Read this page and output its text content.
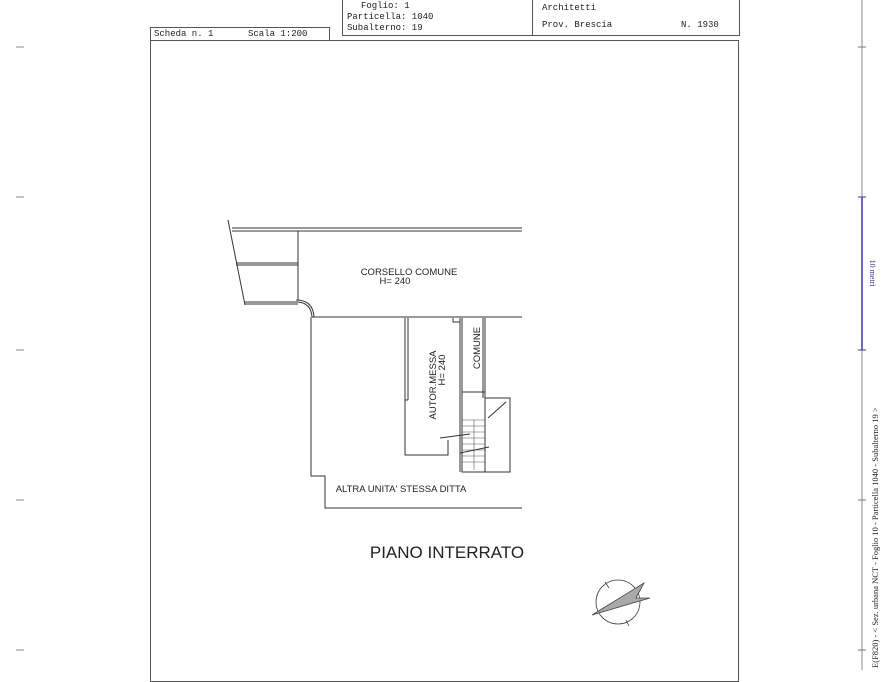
Foglio: 1
Particella: 1040
Subalterno: 19
Architetti
Prov. Brescia	N. 1930
Scheda n. 1	Scala 1:200
10 metri
E(F820) - < Sez. urbana NCT - Foglio 10 - Particella 1040 - Subalterno 19 >
CORSELLO COMUNE
H= 240
AUTOR.MESSA
H= 240
COMUNE
ALTRA UNITA' STESSA DITTA
PIANO INTERRATO
